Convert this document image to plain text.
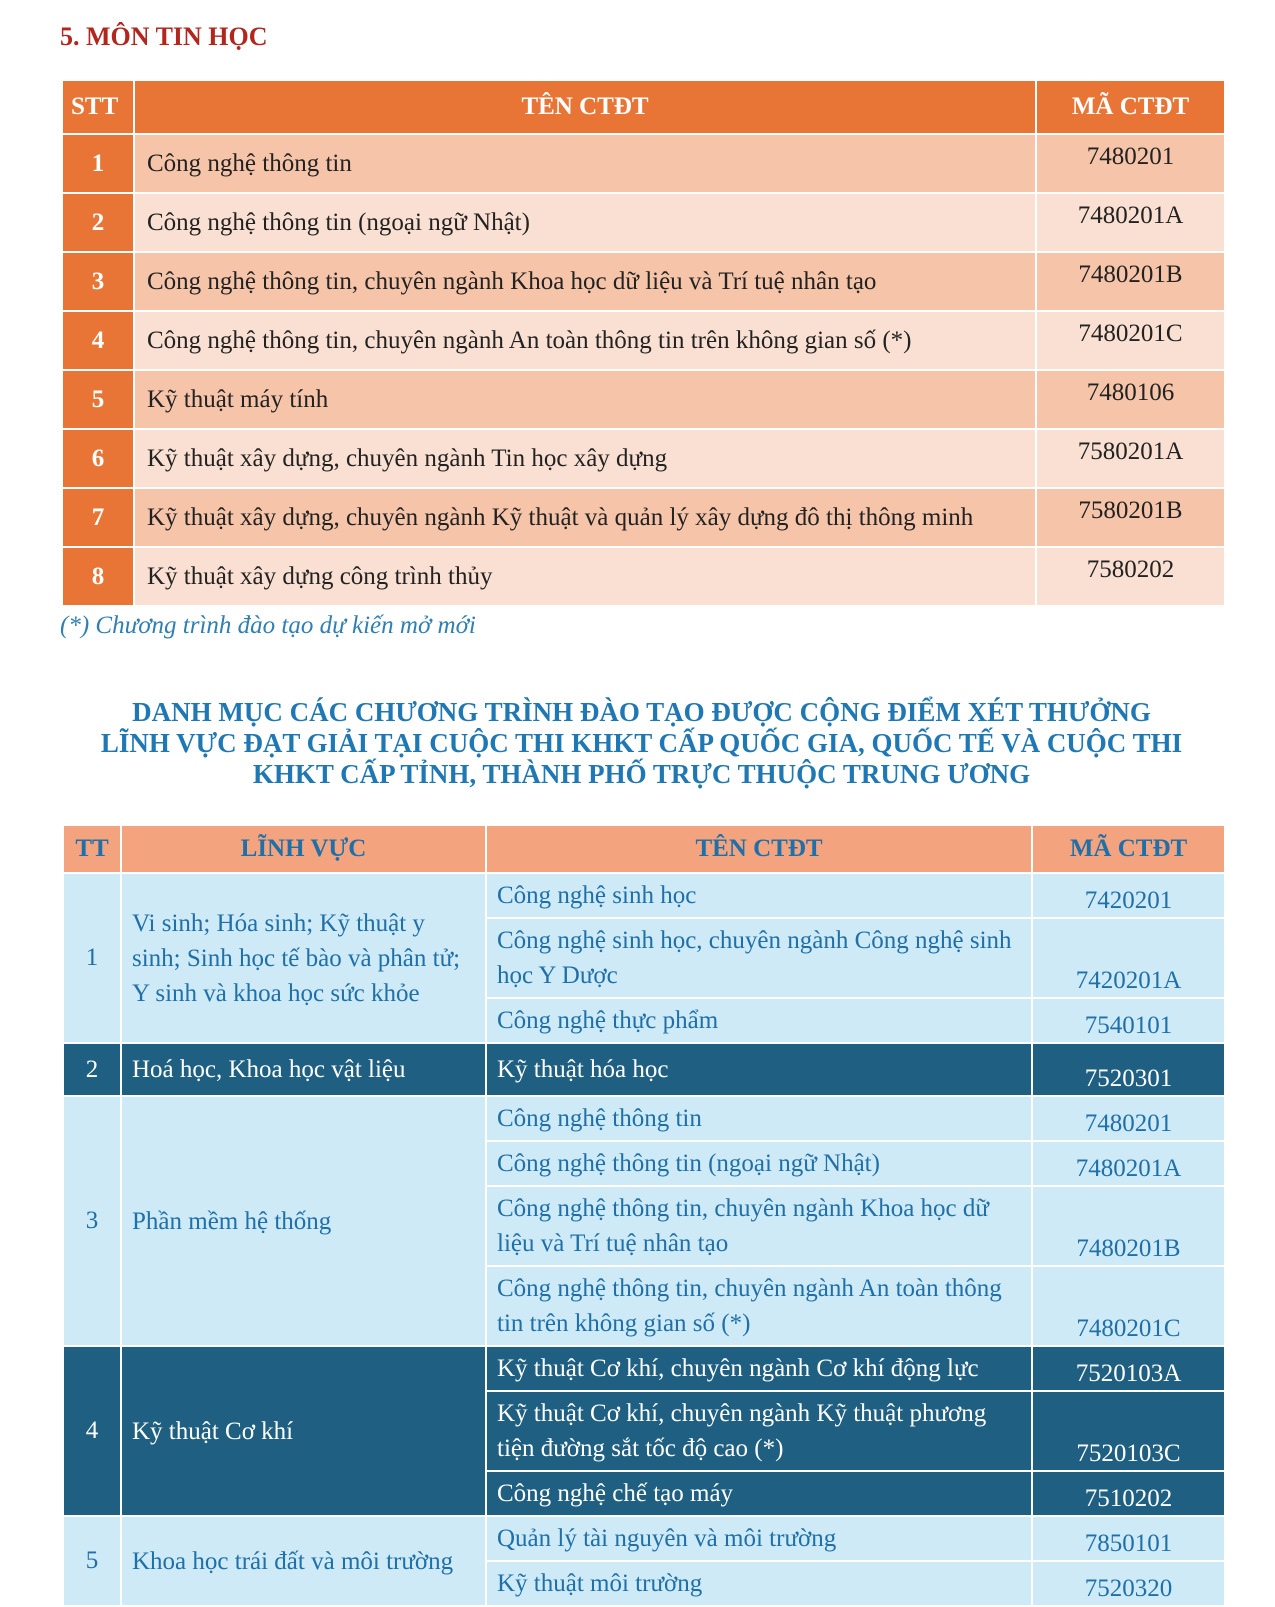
5. MÔN TIN HỌC
STT	TÊN CTĐT	MÃ CTĐT
1	Công nghệ thông tin	7480201
2	Công nghệ thông tin (ngoại ngữ Nhật)	7480201A
3	Công nghệ thông tin, chuyên ngành Khoa học dữ liệu và Trí tuệ nhân tạo	7480201B
4	Công nghệ thông tin, chuyên ngành An toàn thông tin trên không gian số (*)	7480201C
5	Kỹ thuật máy tính	7480106
6	Kỹ thuật xây dựng, chuyên ngành Tin học xây dựng	7580201A
7	Kỹ thuật xây dựng, chuyên ngành Kỹ thuật và quản lý xây dựng đô thị thông minh	7580201B
8	Kỹ thuật xây dựng công trình thủy	7580202
(*) Chương trình đào tạo dự kiến mở mới
DANH MỤC CÁC CHƯƠNG TRÌNH ĐÀO TẠO ĐƯỢC CỘNG ĐIỂM XÉT THƯỞNG
LĨNH VỰC ĐẠT GIẢI TẠI CUỘC THI KHKT CẤP QUỐC GIA, QUỐC TẾ VÀ CUỘC THI
KHKT CẤP TỈNH, THÀNH PHỐ TRỰC THUỘC TRUNG ƯƠNG
TT	LĨNH VỰC	TÊN CTĐT	MÃ CTĐT
1	Vi sinh; Hóa sinh; Kỹ thuật y sinh; Sinh học tế bào và phân tử; Y sinh và khoa học sức khỏe	Công nghệ sinh học	7420201
		Công nghệ sinh học, chuyên ngành Công nghệ sinh học Y Dược	7420201A
		Công nghệ thực phẩm	7540101
2	Hoá học, Khoa học vật liệu	Kỹ thuật hóa học	7520301
3	Phần mềm hệ thống	Công nghệ thông tin	7480201
		Công nghệ thông tin (ngoại ngữ Nhật)	7480201A
		Công nghệ thông tin, chuyên ngành Khoa học dữ liệu và Trí tuệ nhân tạo	7480201B
		Công nghệ thông tin, chuyên ngành An toàn thông tin trên không gian số (*)	7480201C
4	Kỹ thuật Cơ khí	Kỹ thuật Cơ khí, chuyên ngành Cơ khí động lực	7520103A
		Kỹ thuật Cơ khí, chuyên ngành Kỹ thuật phương tiện đường sắt tốc độ cao (*)	7520103C
		Công nghệ chế tạo máy	7510202
5	Khoa học trái đất và môi trường	Quản lý tài nguyên và môi trường	7850101
		Kỹ thuật môi trường	7520320
